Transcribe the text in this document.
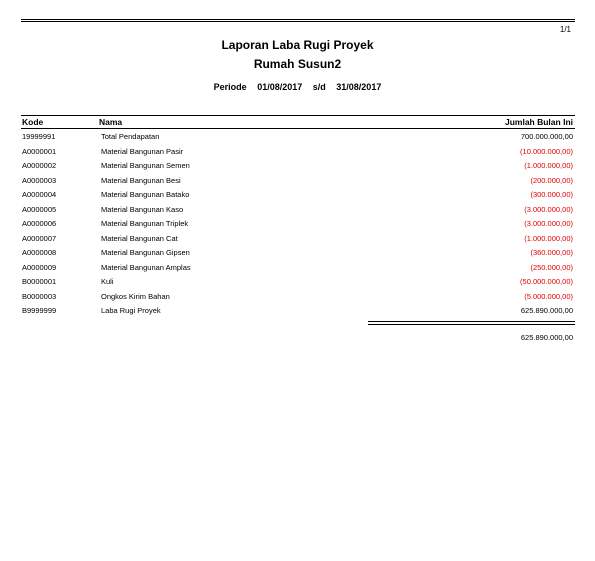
1/1
Laporan Laba Rugi Proyek
Rumah Susun2
Periode 01/08/2017 s/d 31/08/2017
Kode	Nama	Jumlah Bulan Ini
19999991	Total Pendapatan	700.000.000,00
A0000001	Material Bangunan Pasir	(10.000.000,00)
A0000002	Material Bangunan Semen	(1.000.000,00)
A0000003	Material Bangunan Besi	(200.000,00)
A0000004	Material Bangunan Batako	(300.000,00)
A0000005	Material Bangunan Kaso	(3.000.000,00)
A0000006	Material Bangunan Triplek	(3.000.000,00)
A0000007	Material Bangunan Cat	(1.000.000,00)
A0000008	Material Bangunan Gipsen	(360.000,00)
A0000009	Material Bangunan Amplas	(250.000,00)
B0000001	Kuli	(50.000.000,00)
B0000003	Ongkos Kirim Bahan	(5.000.000,00)
B9999999	Laba Rugi Proyek	625.890.000,00
625.890.000,00
